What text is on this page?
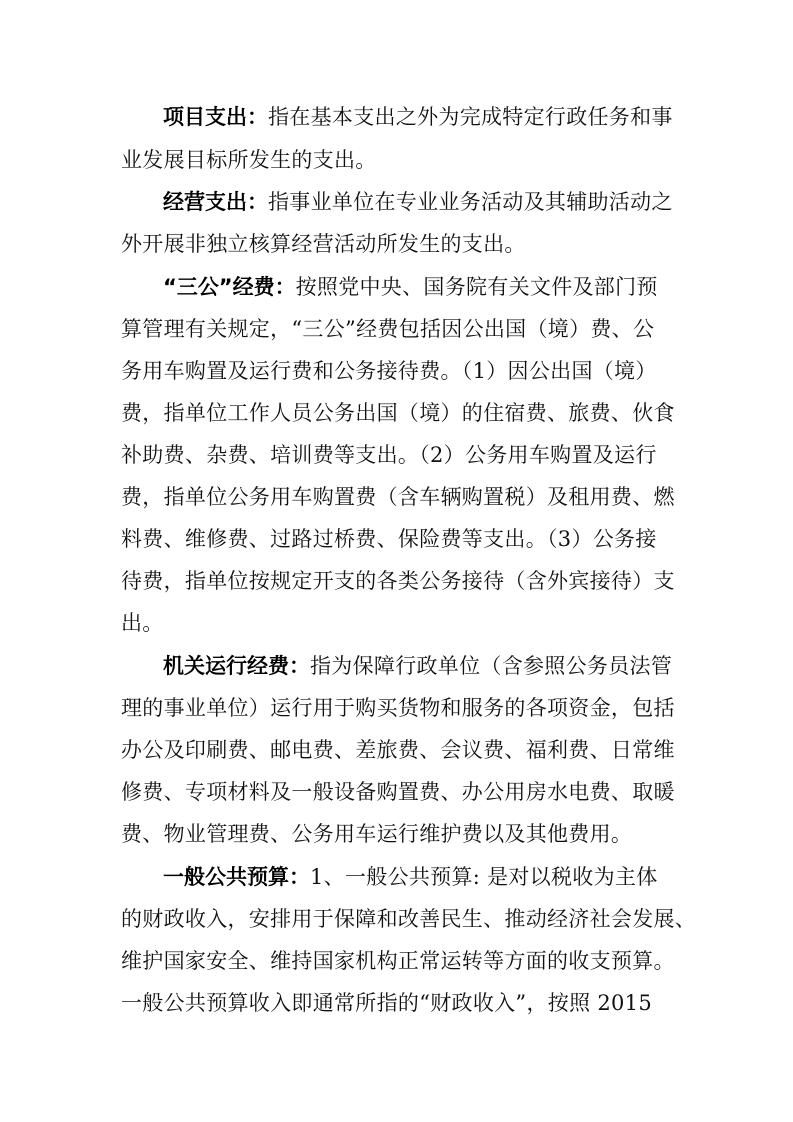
项目支出：指在基本支出之外为完成特定行政任务和事
业发展目标所发生的支出。
经营支出：指事业单位在专业业务活动及其辅助活动之
外开展非独立核算经营活动所发生的支出。
“三公”经费：按照党中央、国务院有关文件及部门预
算管理有关规定，“三公”经费包括因公出国（境）费、公
务用车购置及运行费和公务接待费。（1）因公出国（境）
费，指单位工作人员公务出国（境）的住宿费、旅费、伙食
补助费、杂费、培训费等支出。（2）公务用车购置及运行
费，指单位公务用车购置费（含车辆购置税）及租用费、燃
料费、维修费、过路过桥费、保险费等支出。（3）公务接
待费，指单位按规定开支的各类公务接待（含外宾接待）支
出。
机关运行经费：指为保障行政单位（含参照公务员法管
理的事业单位）运行用于购买货物和服务的各项资金，包括
办公及印刷费、邮电费、差旅费、会议费、福利费、日常维
修费、专项材料及一般设备购置费、办公用房水电费、取暖
费、物业管理费、公务用车运行维护费以及其他费用。
一般公共预算：1、一般公共预算: 是对以税收为主体
的财政收入，安排用于保障和改善民生、推动经济社会发展、
维护国家安全、维持国家机构正常运转等方面的收支预算。
一般公共预算收入即通常所指的“财政收入”，按照 2015
